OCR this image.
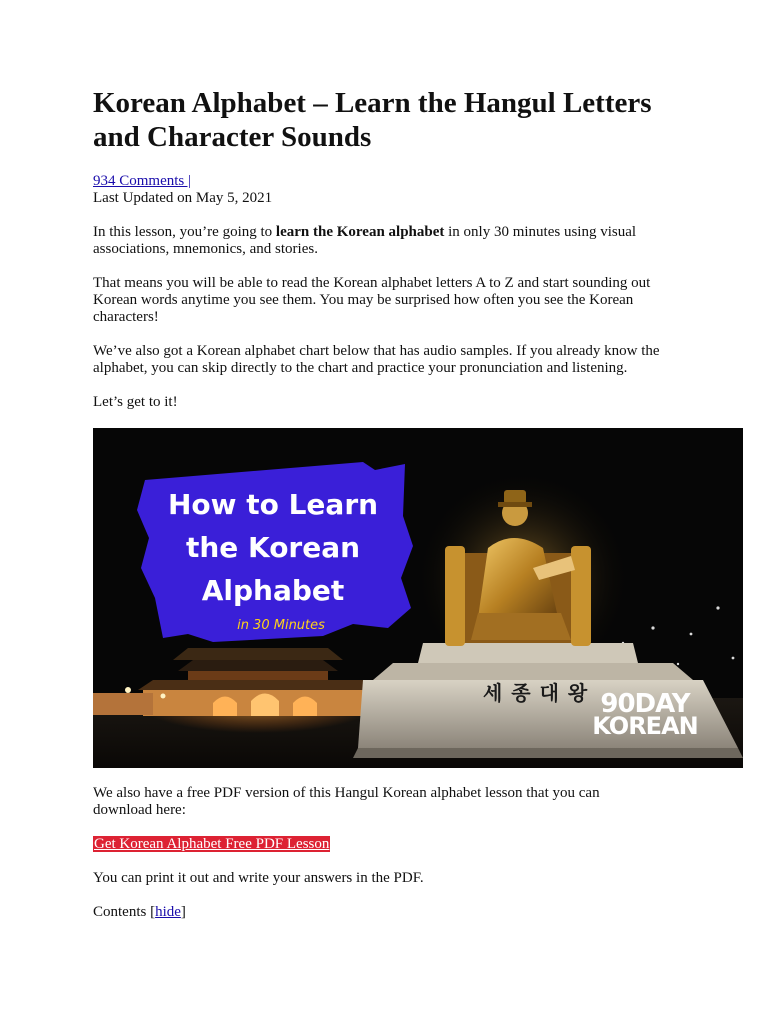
Korean Alphabet – Learn the Hangul Letters and Character Sounds
934 Comments |
Last Updated on May 5, 2021

In this lesson, you’re going to learn the Korean alphabet in only 30 minutes using visual associations, mnemonics, and stories.

That means you will be able to read the Korean alphabet letters A to Z and start sounding out Korean words anytime you see them. You may be surprised how often you see the Korean characters!

We’ve also got a Korean alphabet chart below that has audio samples. If you already know the alphabet, you can skip directly to the chart and practice your pronunciation and listening.

Let’s get to it!

세 종 대 왕
How to Learn
the Korean
Alphabet
in 30 Minutes
90DAY
KOREAN

We also have a free PDF version of this Hangul Korean alphabet lesson that you can download here:

Get Korean Alphabet Free PDF Lesson

You can print it out and write your answers in the PDF.

Contents [hide]
